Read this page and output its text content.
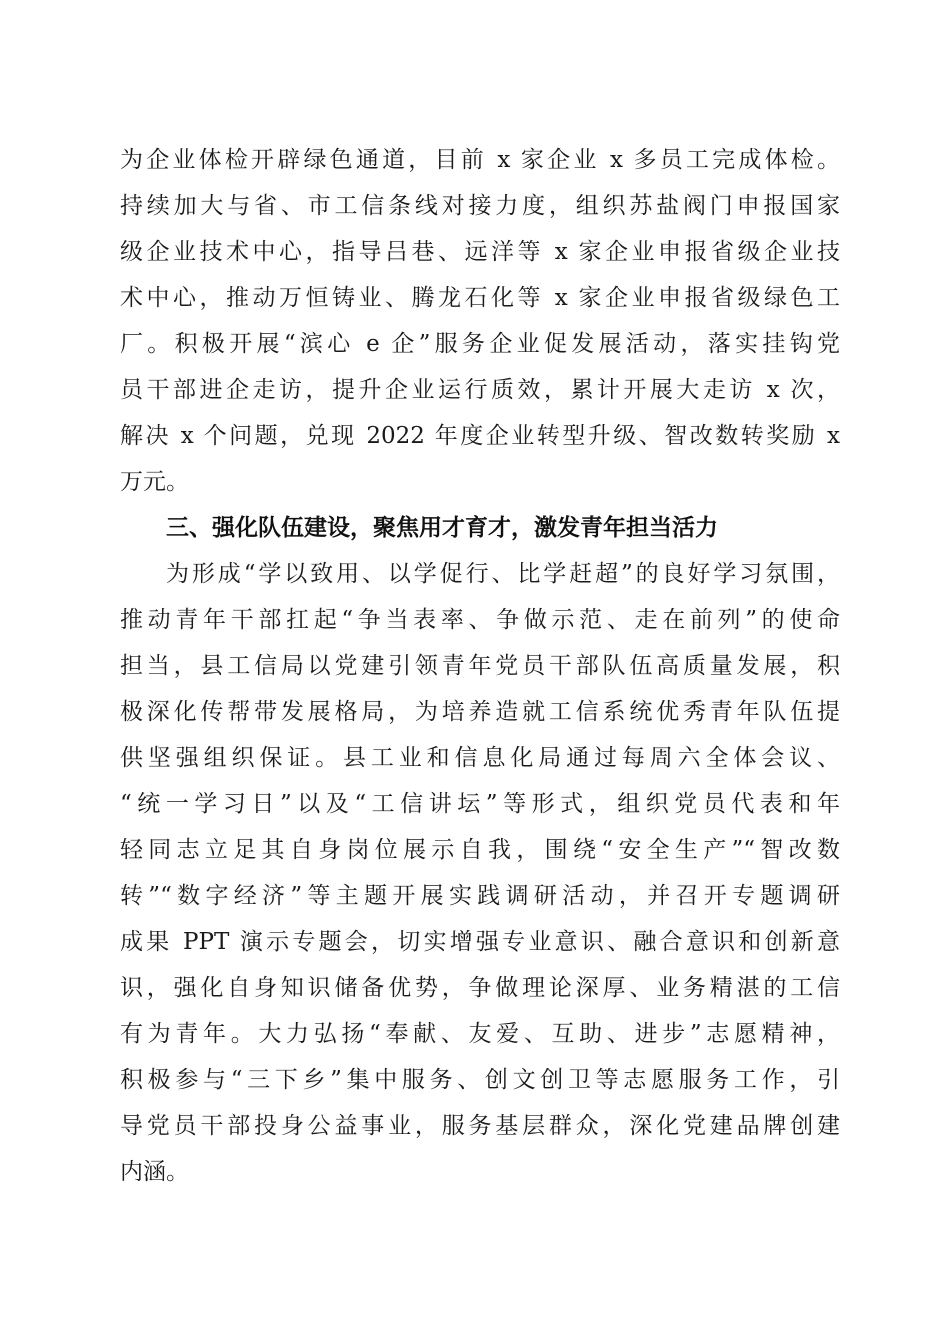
为企业体检开辟绿色通道，目前 x 家企业 x 多员工完成体检。
持续加大与省、市工信条线对接力度，组织苏盐阀门申报国家
级企业技术中心，指导吕巷、远洋等 x 家企业申报省级企业技
术中心，推动万恒铸业、腾龙石化等 x 家企业申报省级绿色工
厂。积极开展“滨心 e 企”服务企业促发展活动，落实挂钩党
员干部进企走访，提升企业运行质效，累计开展大走访 x 次，
解决 x 个问题，兑现 2022 年度企业转型升级、智改数转奖励 x
万元。
三、强化队伍建设，聚焦用才育才，激发青年担当活力
为形成“学以致用、以学促行、比学赶超”的良好学习氛围，
推动青年干部扛起“争当表率、争做示范、走在前列”的使命
担当，县工信局以党建引领青年党员干部队伍高质量发展，积
极深化传帮带发展格局，为培养造就工信系统优秀青年队伍提
供坚强组织保证。县工业和信息化局通过每周六全体会议、
“统一学习日”以及“工信讲坛”等形式，组织党员代表和年
轻同志立足其自身岗位展示自我，围绕“安全生产”“智改数
转”“数字经济”等主题开展实践调研活动，并召开专题调研
成果 PPT 演示专题会，切实增强专业意识、融合意识和创新意
识，强化自身知识储备优势，争做理论深厚、业务精湛的工信
有为青年。大力弘扬“奉献、友爱、互助、进步”志愿精神，
积极参与“三下乡”集中服务、创文创卫等志愿服务工作，引
导党员干部投身公益事业，服务基层群众，深化党建品牌创建
内涵。
